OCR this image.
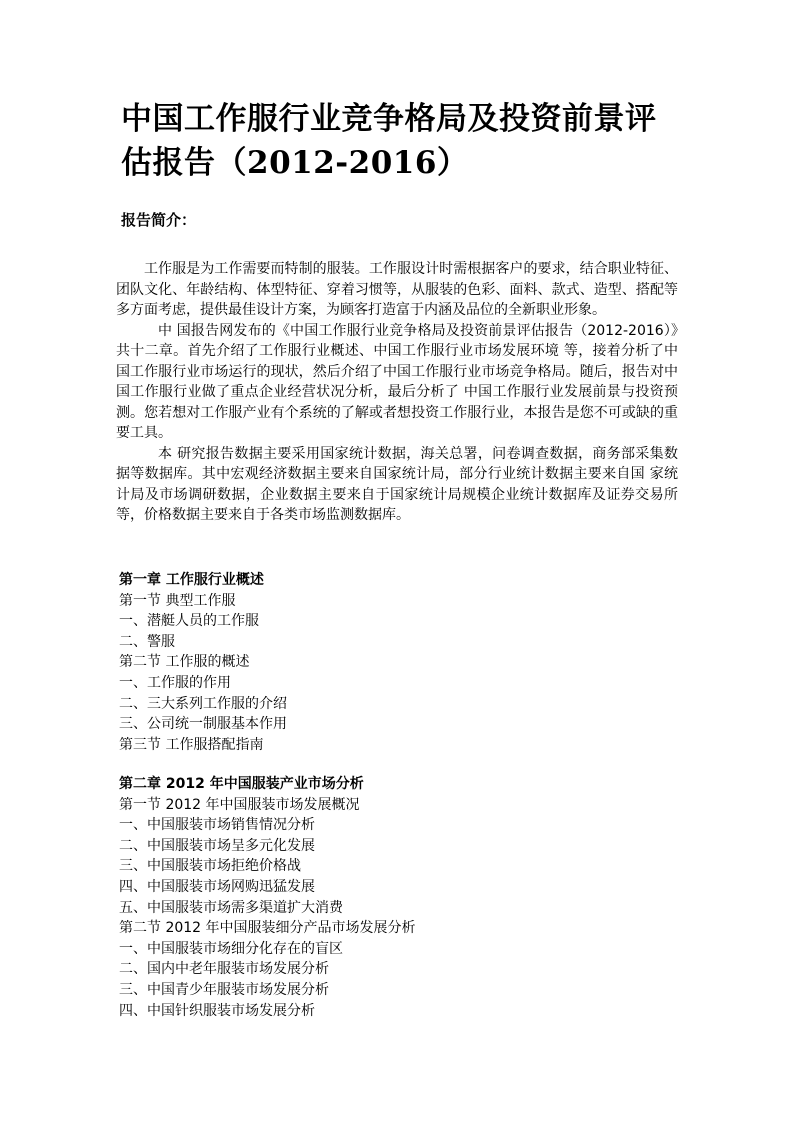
中国工作服行业竞争格局及投资前景评估报告（2012-2016）
报告简介：

工作服是为工作需要而特制的服装。工作服设计时需根据客户的要求，结合职业特征、团队文化、年龄结构、体型特征、穿着习惯等，从服装的色彩、面料、款式、造型、搭配等多方面考虑，提供最佳设计方案，为顾客打造富于内涵及品位的全新职业形象。

中 国报告网发布的《中国工作服行业竞争格局及投资前景评估报告（2012-2016）》共十二章。首先介绍了工作服行业概述、中国工作服行业市场发展环境 等，接着分析了中国工作服行业市场运行的现状，然后介绍了中国工作服行业市场竞争格局。随后，报告对中国工作服行业做了重点企业经营状况分析，最后分析了 中国工作服行业发展前景与投资预测。您若想对工作服产业有个系统的了解或者想投资工作服行业，本报告是您不可或缺的重要工具。

本 研究报告数据主要采用国家统计数据，海关总署，问卷调查数据，商务部采集数据等数据库。其中宏观经济数据主要来自国家统计局，部分行业统计数据主要来自国 家统计局及市场调研数据，企业数据主要来自于国家统计局规模企业统计数据库及证券交易所等，价格数据主要来自于各类市场监测数据库。

第一章 工作服行业概述
第一节 典型工作服
一、潜艇人员的工作服
二、警服
第二节 工作服的概述
一、工作服的作用
二、三大系列工作服的介绍
三、公司统一制服基本作用
第三节 工作服搭配指南
第二章 2012 年中国服装产业市场分析
第一节 2012 年中国服装市场发展概况
一、中国服装市场销售情况分析
二、中国服装市场呈多元化发展
三、中国服装市场拒绝价格战
四、中国服装市场网购迅猛发展
五、中国服装市场需多渠道扩大消费
第二节 2012 年中国服装细分产品市场发展分析
一、中国服装市场细分化存在的盲区
二、国内中老年服装市场发展分析
三、中国青少年服装市场发展分析
四、中国针织服装市场发展分析
